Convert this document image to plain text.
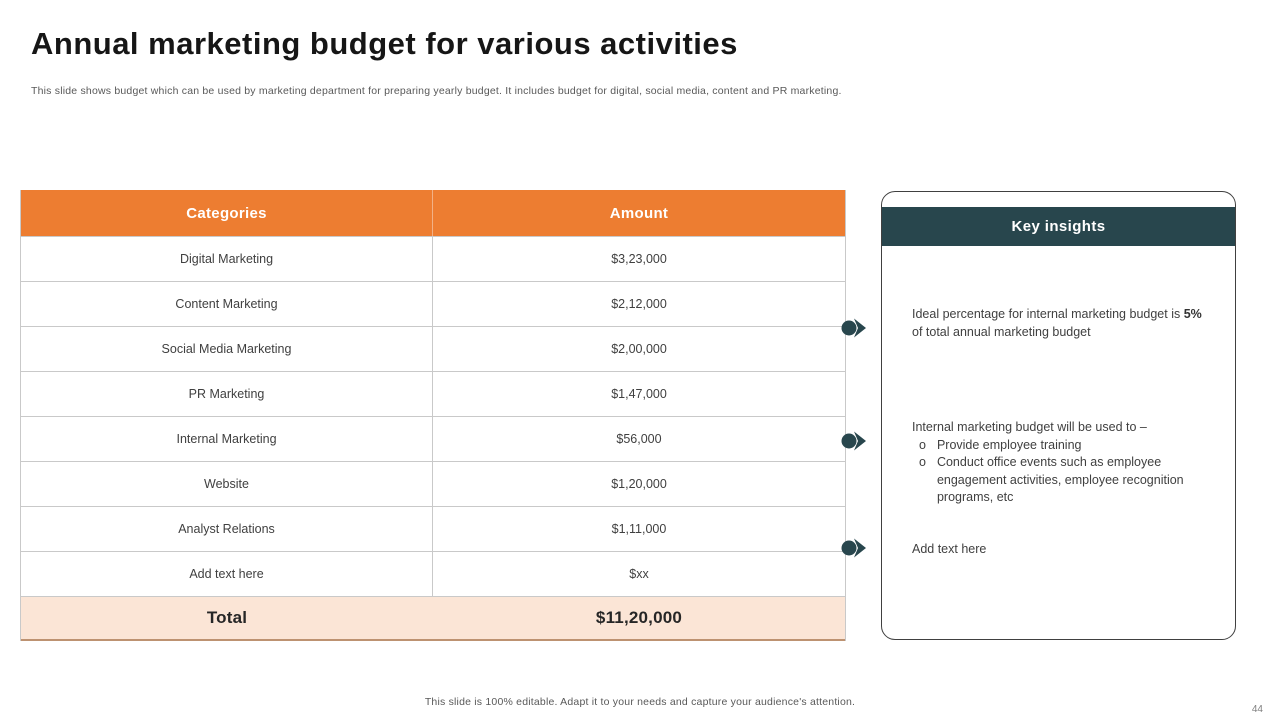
Annual marketing budget for various activities

This slide shows budget which can be used by marketing department for preparing yearly budget. It includes budget for digital, social media, content and PR marketing.

Categories	Amount
Digital Marketing	$3,23,000
Content Marketing	$2,12,000
Social Media Marketing	$2,00,000
PR Marketing	$1,47,000
Internal Marketing	$56,000
Website	$1,20,000
Analyst Relations	$1,11,000
Add text here	$xx
Total	$11,20,000
Key insights
Ideal percentage for internal marketing budget is 5% of total annual marketing budget
Internal marketing budget will be used to –
o Provide employee training
o Conduct office events such as employee engagement activities, employee recognition programs, etc
Add text here
This slide is 100% editable. Adapt it to your needs and capture your audience's attention.
44
